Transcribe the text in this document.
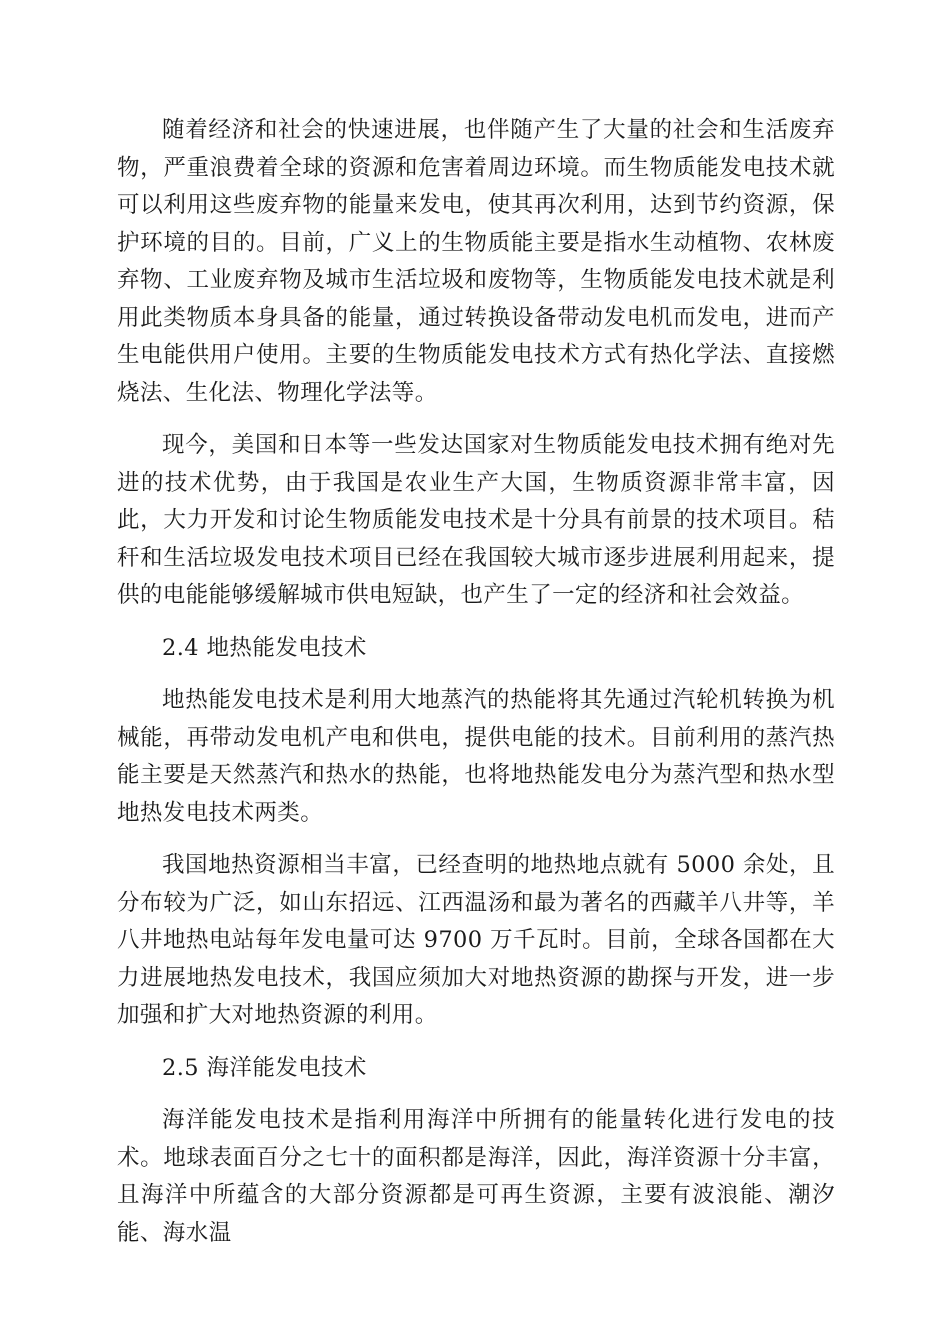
随着经济和社会的快速进展，也伴随产生了大量的社会和生活废弃物，严重浪费着全球的资源和危害着周边环境。而生物质能发电技术就可以利用这些废弃物的能量来发电，使其再次利用，达到节约资源，保护环境的目的。目前，广义上的生物质能主要是指水生动植物、农林废弃物、工业废弃物及城市生活垃圾和废物等，生物质能发电技术就是利用此类物质本身具备的能量，通过转换设备带动发电机而发电，进而产生电能供用户使用。主要的生物质能发电技术方式有热化学法、直接燃烧法、生化法、物理化学法等。

现今，美国和日本等一些发达国家对生物质能发电技术拥有绝对先进的技术优势，由于我国是农业生产大国，生物质资源非常丰富，因此，大力开发和讨论生物质能发电技术是十分具有前景的技术项目。秸秆和生活垃圾发电技术项目已经在我国较大城市逐步进展利用起来，提供的电能能够缓解城市供电短缺，也产生了一定的经济和社会效益。

2.4 地热能发电技术

地热能发电技术是利用大地蒸汽的热能将其先通过汽轮机转换为机械能，再带动发电机产电和供电，提供电能的技术。目前利用的蒸汽热能主要是天然蒸汽和热水的热能，也将地热能发电分为蒸汽型和热水型地热发电技术两类。

我国地热资源相当丰富，已经查明的地热地点就有 5000 余处，且分布较为广泛，如山东招远、江西温汤和最为著名的西藏羊八井等，羊八井地热电站每年发电量可达 9700 万千瓦时。目前，全球各国都在大力进展地热发电技术，我国应须加大对地热资源的勘探与开发，进一步加强和扩大对地热资源的利用。

2.5 海洋能发电技术

海洋能发电技术是指利用海洋中所拥有的能量转化进行发电的技术。地球表面百分之七十的面积都是海洋，因此，海洋资源十分丰富，且海洋中所蕴含的大部分资源都是可再生资源，主要有波浪能、潮汐能、海水温
